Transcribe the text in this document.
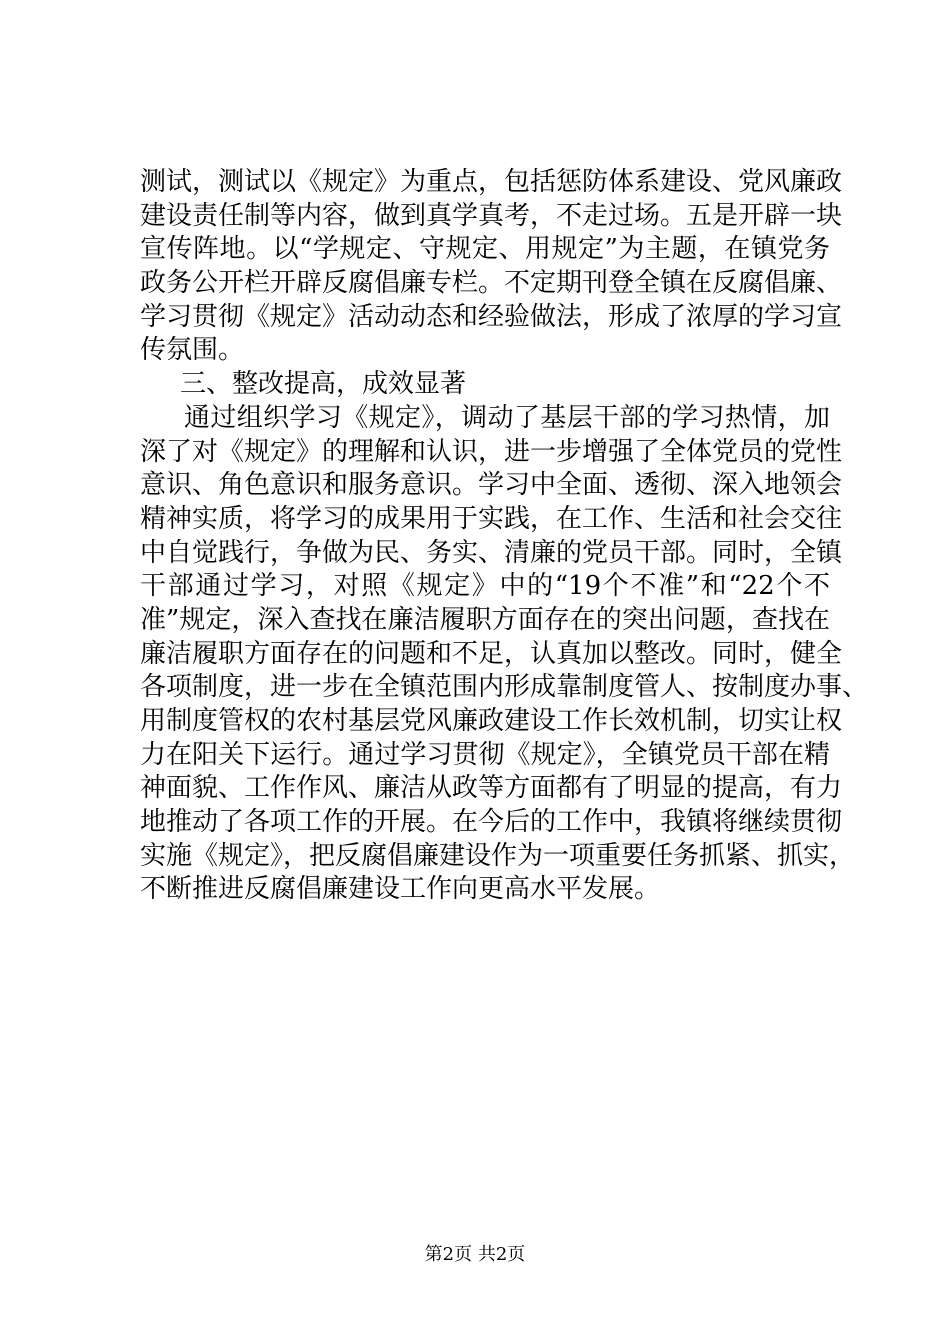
测试，测试以《规定》为重点，包括惩防体系建设、党风廉政
建设责任制等内容，做到真学真考，不走过场。五是开辟一块
宣传阵地。以“学规定、守规定、用规定”为主题，在镇党务
政务公开栏开辟反腐倡廉专栏。不定期刊登全镇在反腐倡廉、
学习贯彻《规定》活动动态和经验做法，形成了浓厚的学习宣
传氛围。
三、整改提高，成效显著
通过组织学习《规定》，调动了基层干部的学习热情，加
深了对《规定》的理解和认识，进一步增强了全体党员的党性
意识、角色意识和服务意识。学习中全面、透彻、深入地领会
精神实质，将学习的成果用于实践，在工作、生活和社会交往
中自觉践行，争做为民、务实、清廉的党员干部。同时，全镇
干部通过学习，对照《规定》中的“19个不准”和“22个不
准”规定，深入查找在廉洁履职方面存在的突出问题，查找在
廉洁履职方面存在的问题和不足，认真加以整改。同时，健全
各项制度，进一步在全镇范围内形成靠制度管人、按制度办事、
用制度管权的农村基层党风廉政建设工作长效机制，切实让权
力在阳关下运行。通过学习贯彻《规定》，全镇党员干部在精
神面貌、工作作风、廉洁从政等方面都有了明显的提高，有力
地推动了各项工作的开展。在今后的工作中，我镇将继续贯彻
实施《规定》，把反腐倡廉建设作为一项重要任务抓紧、抓实，
不断推进反腐倡廉建设工作向更高水平发展。
第2页 共2页
